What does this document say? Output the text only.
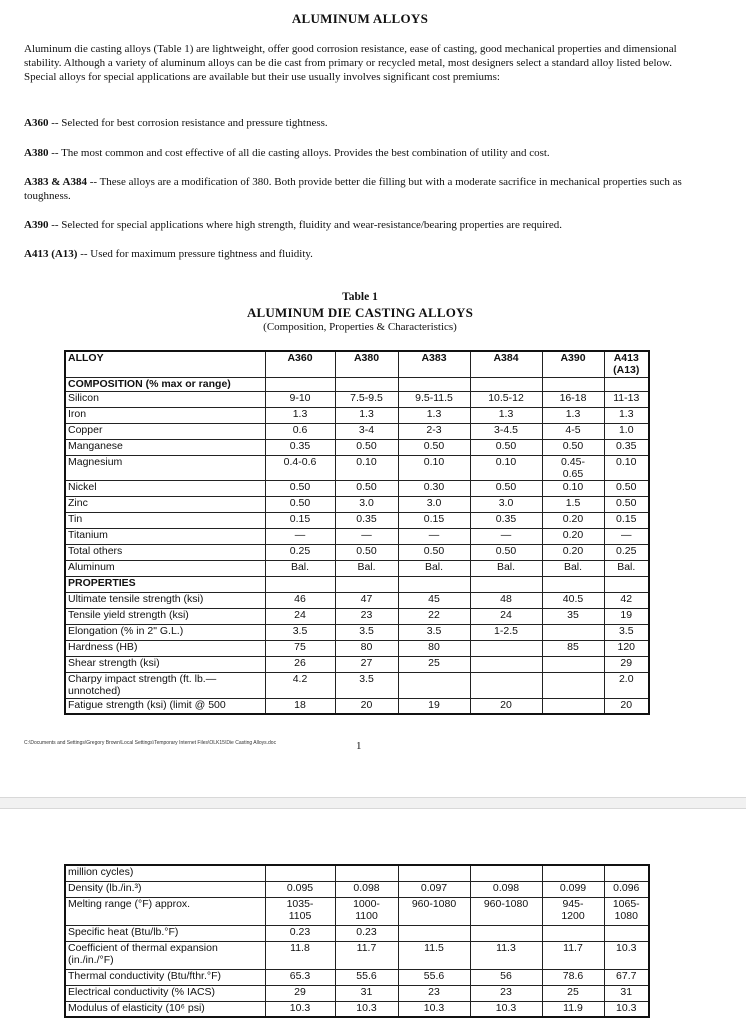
ALUMINUM ALLOYS
Aluminum die casting alloys (Table 1) are lightweight, offer good corrosion resistance, ease of casting, good mechanical properties and dimensional stability. Although a variety of aluminum alloys can be die cast from primary or recycled metal, most designers select a standard alloy listed below. Special alloys for special applications are available but their use usually involves significant cost premiums:
A360 -- Selected for best corrosion resistance and pressure tightness.
A380 -- The most common and cost effective of all die casting alloys. Provides the best combination of utility and cost.
A383 & A384 -- These alloys are a modification of 380. Both provide better die filling but with a moderate sacrifice in mechanical properties such as toughness.
A390 -- Selected for special applications where high strength, fluidity and wear-resistance/bearing properties are required.
A413 (A13) -- Used for maximum pressure tightness and fluidity.
Table 1
ALUMINUM DIE CASTING ALLOYS
(Composition, Properties & Characteristics)
ALLOY	A360	A380	A383	A384	A390	A413
(A13)
COMPOSITION (% max or range)						
Silicon	9-10	7.5-9.5	9.5-11.5	10.5-12	16-18	11-13
Iron	1.3	1.3	1.3	1.3	1.3	1.3
Copper	0.6	3-4	2-3	3-4.5	4-5	1.0
Manganese	0.35	0.50	0.50	0.50	0.50	0.35
Magnesium	0.4-0.6	0.10	0.10	0.10	0.45-
0.65	0.10
Nickel	0.50	0.50	0.30	0.50	0.10	0.50
Zinc	0.50	3.0	3.0	3.0	1.5	0.50
Tin	0.15	0.35	0.15	0.35	0.20	0.15
Titanium	—	—	—	—	0.20	—
Total others	0.25	0.50	0.50	0.50	0.20	0.25
Aluminum	Bal.	Bal.	Bal.	Bal.	Bal.	Bal.
PROPERTIES						
Ultimate tensile strength (ksi)	46	47	45	48	40.5	42
Tensile yield strength (ksi)	24	23	22	24	35	19
Elongation (% in 2" G.L.)	3.5	3.5	3.5	1-2.5		3.5
Hardness (HB)	75	80	80		85	120
Shear strength (ksi)	26	27	25			29
Charpy impact strength (ft. lb.—
unnotched)	4.2	3.5				2.0
Fatigue strength (ksi) (limit @ 500	18	20	19	20		20
C:\Documents and Settings\Gregory Brown\Local Settings\Temporary Internet Files\OLK15\Die Casting Alloys.doc	1
million cycles)						
Density (lb./in.³)	0.095	0.098	0.097	0.098	0.099	0.096
Melting range (°F) approx.	1035-
1105	1000-
1100	960-1080	960-1080	945-
1200	1065-
1080
Specific heat (Btu/lb.°F)	0.23	0.23				
Coefficient of thermal expansion
(in./in./°F)	11.8	11.7	11.5	11.3	11.7	10.3
Thermal conductivity (Btu/fthr.°F)	65.3	55.6	55.6	56	78.6	67.7
Electrical conductivity (% IACS)	29	31	23	23	25	31
Modulus of elasticity (10⁶ psi)	10.3	10.3	10.3	10.3	11.9	10.3
